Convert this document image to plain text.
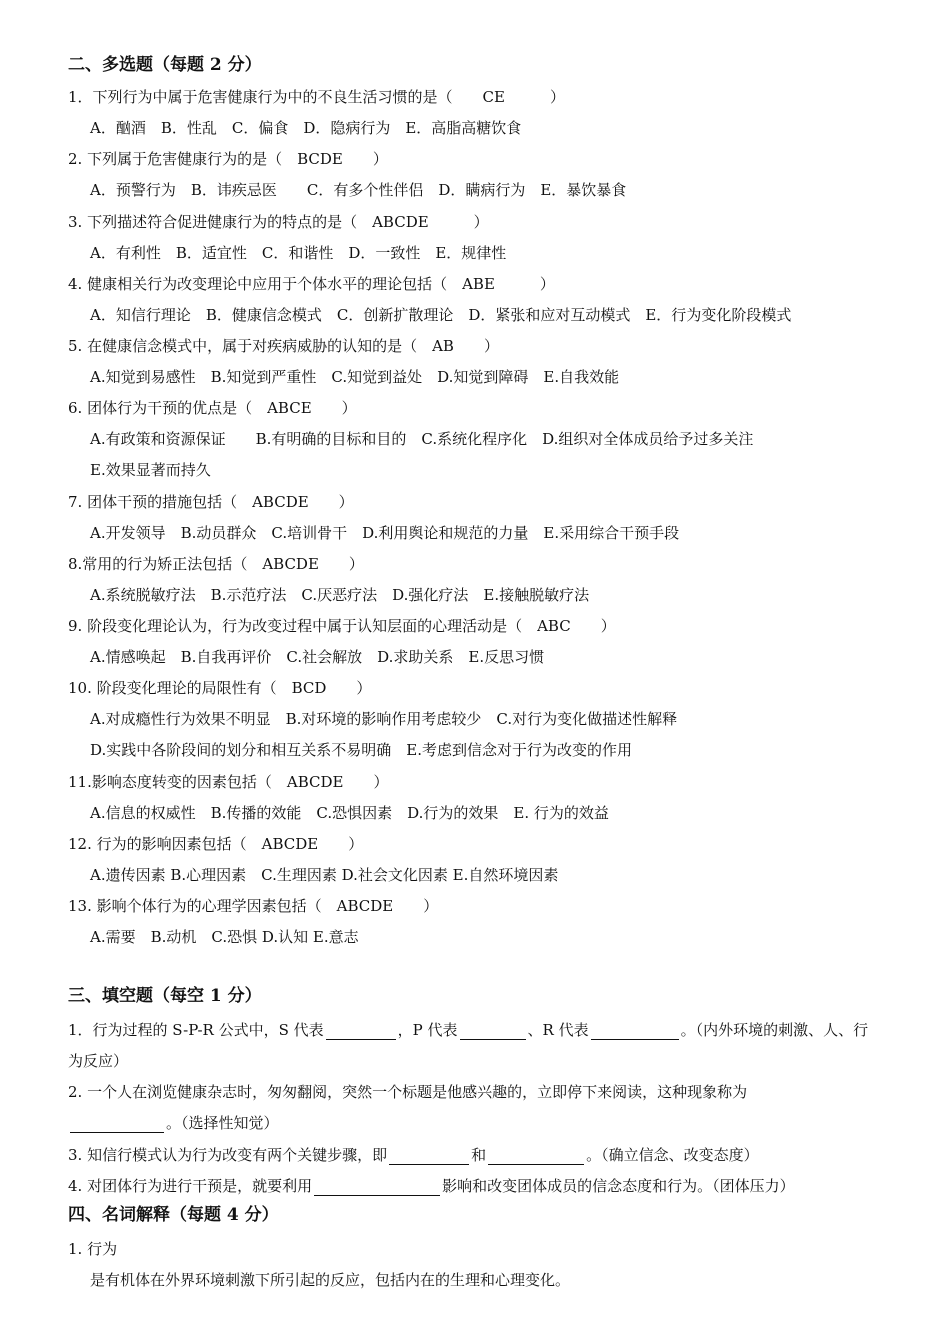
二、多选题（每题 2 分）
1．下列行为中属于危害健康行为中的不良生活习惯的是（　　CE　　　）
A．酗酒　B．性乱　C．偏食　D．隐病行为　E．高脂高糖饮食
2. 下列属于危害健康行为的是（　BCDE　　）
A．预警行为　B．讳疾忌医　　C．有多个性伴侣　D．瞒病行为　E．暴饮暴食
3. 下列描述符合促进健康行为的特点的是（　ABCDE　　　）
A．有利性　B．适宜性　C．和谐性　D．一致性　E．规律性
4. 健康相关行为改变理论中应用于个体水平的理论包括（　ABE　　　）
A．知信行理论　B．健康信念模式　C．创新扩散理论　D．紧张和应对互动模式　E．行为变化阶段模式
5. 在健康信念模式中，属于对疾病威胁的认知的是（　AB　　）
A.知觉到易感性　B.知觉到严重性　C.知觉到益处　D.知觉到障碍　E.自我效能
6. 团体行为干预的优点是（　ABCE　　）
A.有政策和资源保证　　B.有明确的目标和目的　C.系统化程序化　D.组织对全体成员给予过多关注
E.效果显著而持久
7. 团体干预的措施包括（　ABCDE　　）
A.开发领导　B.动员群众　C.培训骨干　D.利用舆论和规范的力量　E.采用综合干预手段
8.常用的行为矫正法包括（　ABCDE　　）
A.系统脱敏疗法　B.示范疗法　C.厌恶疗法　D.强化疗法　E.接触脱敏疗法
9. 阶段变化理论认为，行为改变过程中属于认知层面的心理活动是（　ABC　　）
A.情感唤起　B.自我再评价　C.社会解放　D.求助关系　E.反思习惯
10. 阶段变化理论的局限性有（　BCD　　）
A.对成瘾性行为效果不明显　B.对环境的影响作用考虑较少　C.对行为变化做描述性解释
D.实践中各阶段间的划分和相互关系不易明确　E.考虑到信念对于行为改变的作用
11.影响态度转变的因素包括（　ABCDE　　）
A.信息的权威性　B.传播的效能　C.恐惧因素　D.行为的效果　E. 行为的效益
12. 行为的影响因素包括（　ABCDE　　）
A.遗传因素 B.心理因素　C.生理因素 D.社会文化因素 E.自然环境因素
13. 影响个体行为的心理学因素包括（　ABCDE　　）
A.需要　B.动机　C.恐惧 D.认知 E.意志
三、填空题（每空 1 分）
1．行为过程的 S-P-R 公式中，S 代表	，P 代表	、R 代表	。（内外环境的刺激、人、行
为反应）
2. 一个人在浏览健康杂志时，匆匆翻阅，突然一个标题是他感兴趣的，立即停下来阅读，这种现象称为
。（选择性知觉）
3. 知信行模式认为行为改变有两个关键步骤，即	和	。（确立信念、改变态度）
4. 对团体行为进行干预是，就要利用	影响和改变团体成员的信念态度和行为。（团体压力）
四、名词解释（每题 4 分）
1. 行为
是有机体在外界环境刺激下所引起的反应，包括内在的生理和心理变化。
